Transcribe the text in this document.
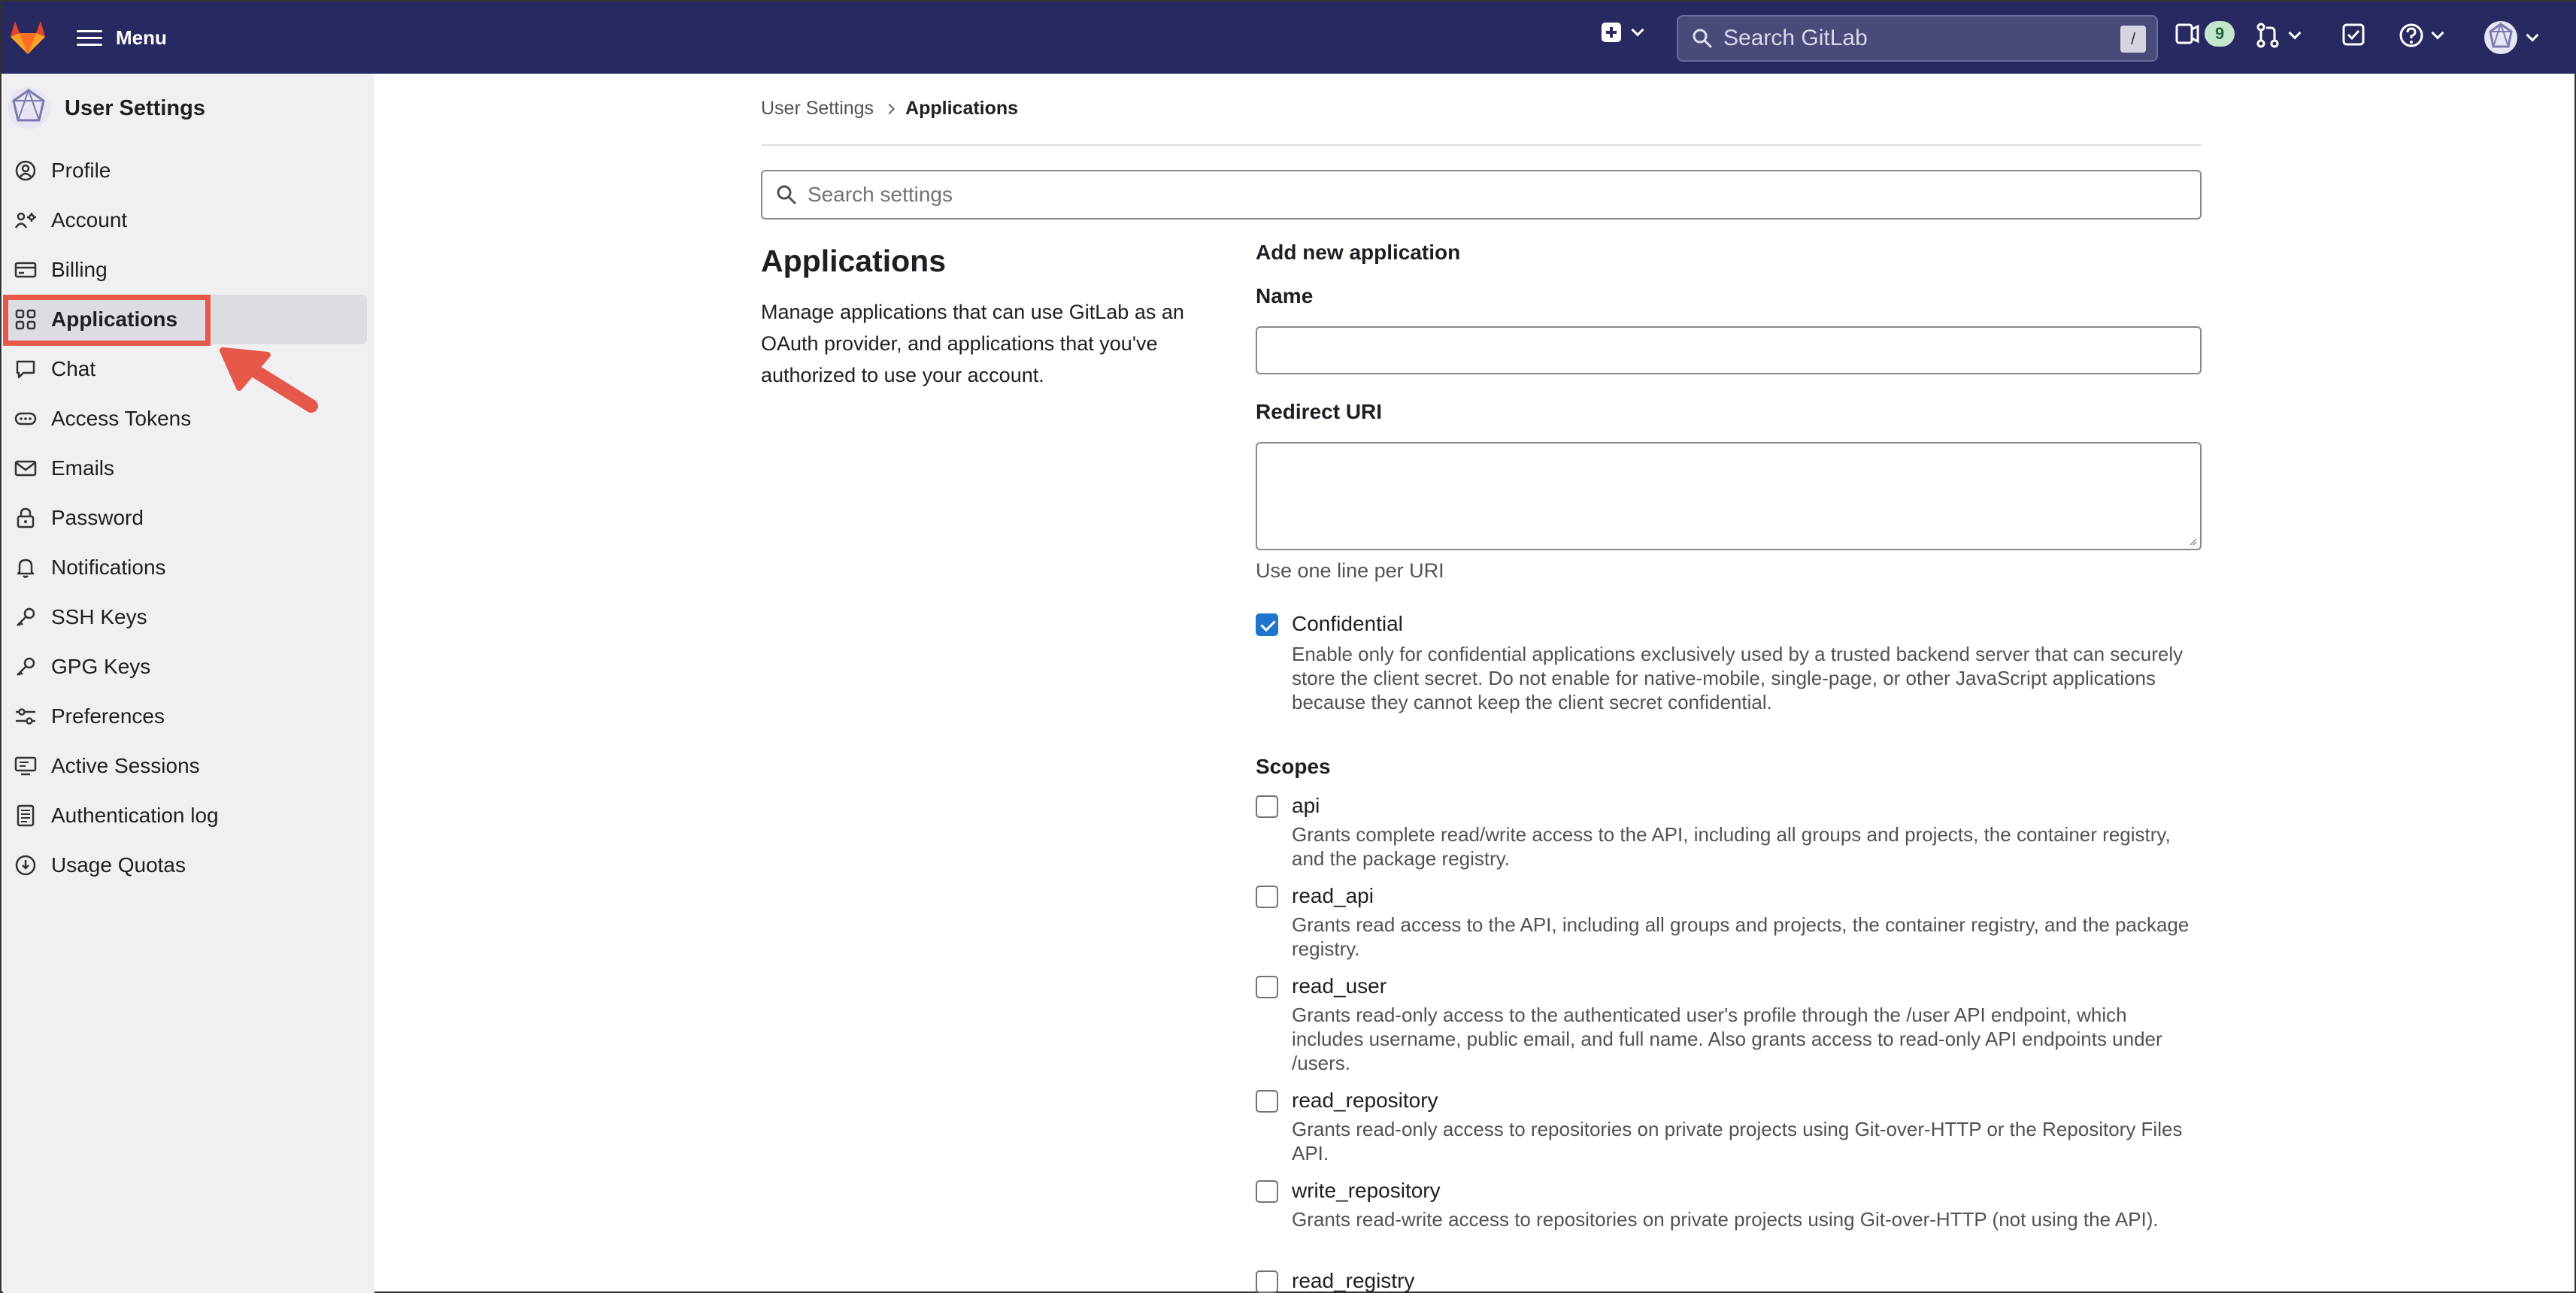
Menu	Search GitLab	/	9
User Settings
Profile
Account
Billing
Applications
Chat
Access Tokens
Emails
Password
Notifications
SSH Keys
GPG Keys
Preferences
Active Sessions
Authentication log
Usage Quotas
User Settings Applications
Search settings
Applications

Manage applications that can use GitLab as an OAuth provider, and applications that you've authorized to use your account.

Add new application
Name
Redirect URI
Use one line per URI
Confidential
Enable only for confidential applications exclusively used by a trusted backend server that can securely store the client secret. Do not enable for native-mobile, single-page, or other JavaScript applications because they cannot keep the client secret confidential.
Scopes
api
Grants complete read/write access to the API, including all groups and projects, the container registry, and the package registry.
read_api
Grants read access to the API, including all groups and projects, the container registry, and the package registry.
read_user
Grants read-only access to the authenticated user's profile through the /user API endpoint, which includes username, public email, and full name. Also grants access to read-only API endpoints under /users.
read_repository
Grants read-only access to repositories on private projects using Git-over-HTTP or the Repository Files API.
write_repository
Grants read-write access to repositories on private projects using Git-over-HTTP (not using the API).
read_registry
